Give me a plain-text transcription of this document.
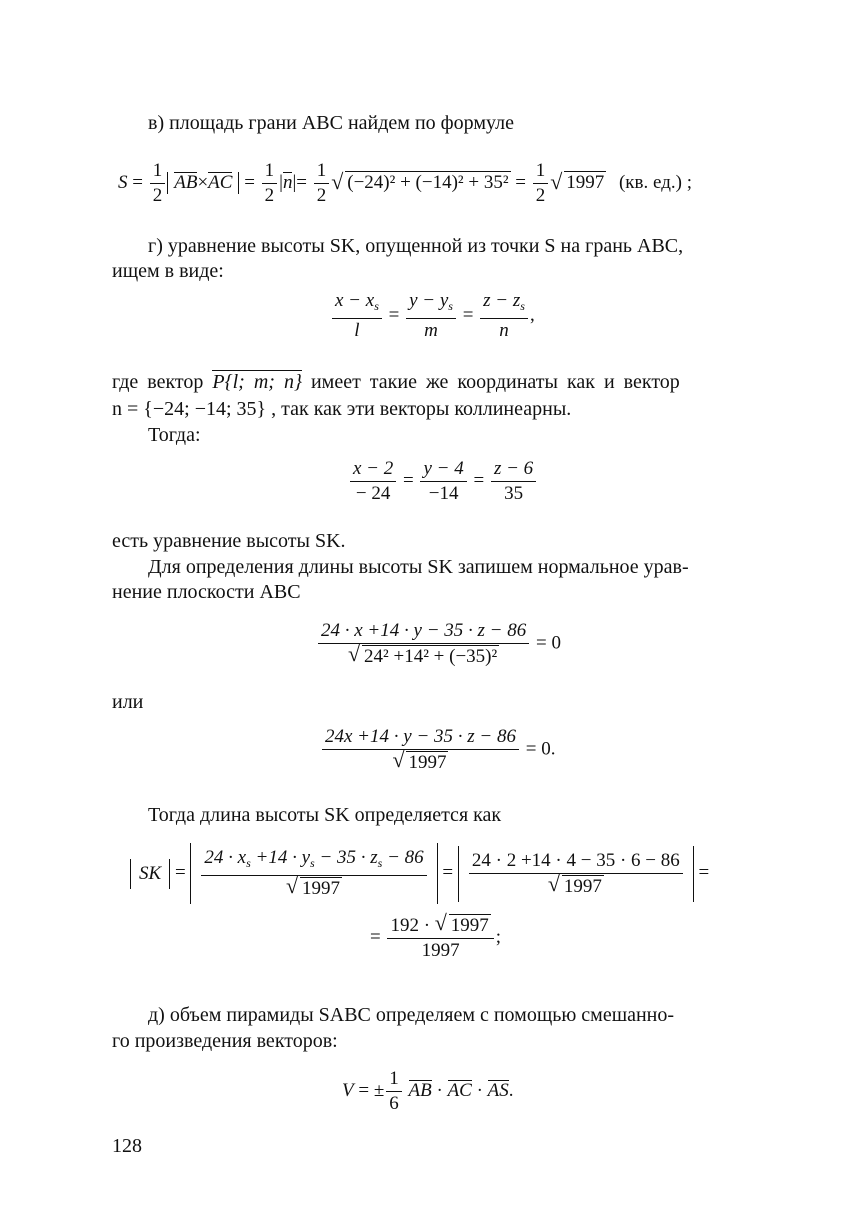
в) площадь грани ABC найдем по формуле
$S = \frac{1}{2} AB\times AC = \frac{1}{2} |n|= \frac{1}{2}$ √ $(-24)^2 + (-14)^2 + 35^2 = \frac{1}{2}$ √ 1997 (кв. ед.) ;
г) уравнение высоты SK, опущенной из точки S на грань ABC,
ищем в виде:
$\frac{x - x_s}{l} = \frac{y - y_s}{m} = \frac{z - z_s}{n}$ ,
где вектор P{l; m; n} имеет такие же координаты как и вектор
n = {−24; −14; 35} , так как эти векторы коллинеарны.
Тогда:
$\frac{x - 2}{- 24} = \frac{y - 4}{-14} = \frac{z - 6}{35}$
есть уравнение высоты SK.
Для определения длины высоты SK запишем нормальное урав-
нение плоскости ABC
24 · x +14 · y − 35 · z − 86
√ 24² +14² + (−35)² = 0
или
24x +14 · y − 35 · z − 86
√ 1997 = 0.
Тогда длина высоты SK определяется как
SK = $24 \cdot x_s +14 \cdot y_s - 35 \cdot z_s - 86$
√ 1997 = 24 · 2 +14 · 4 − 35 · 6 − 86
√ 1997 =
= $\frac{192 \cdot √ 1997}{1997}$ ;
д) объем пирамиды SABC определяем с помощью смешанно-
го произведения векторов:
V = ± $\frac{1}{6}$ AB · AC · AS.
128
